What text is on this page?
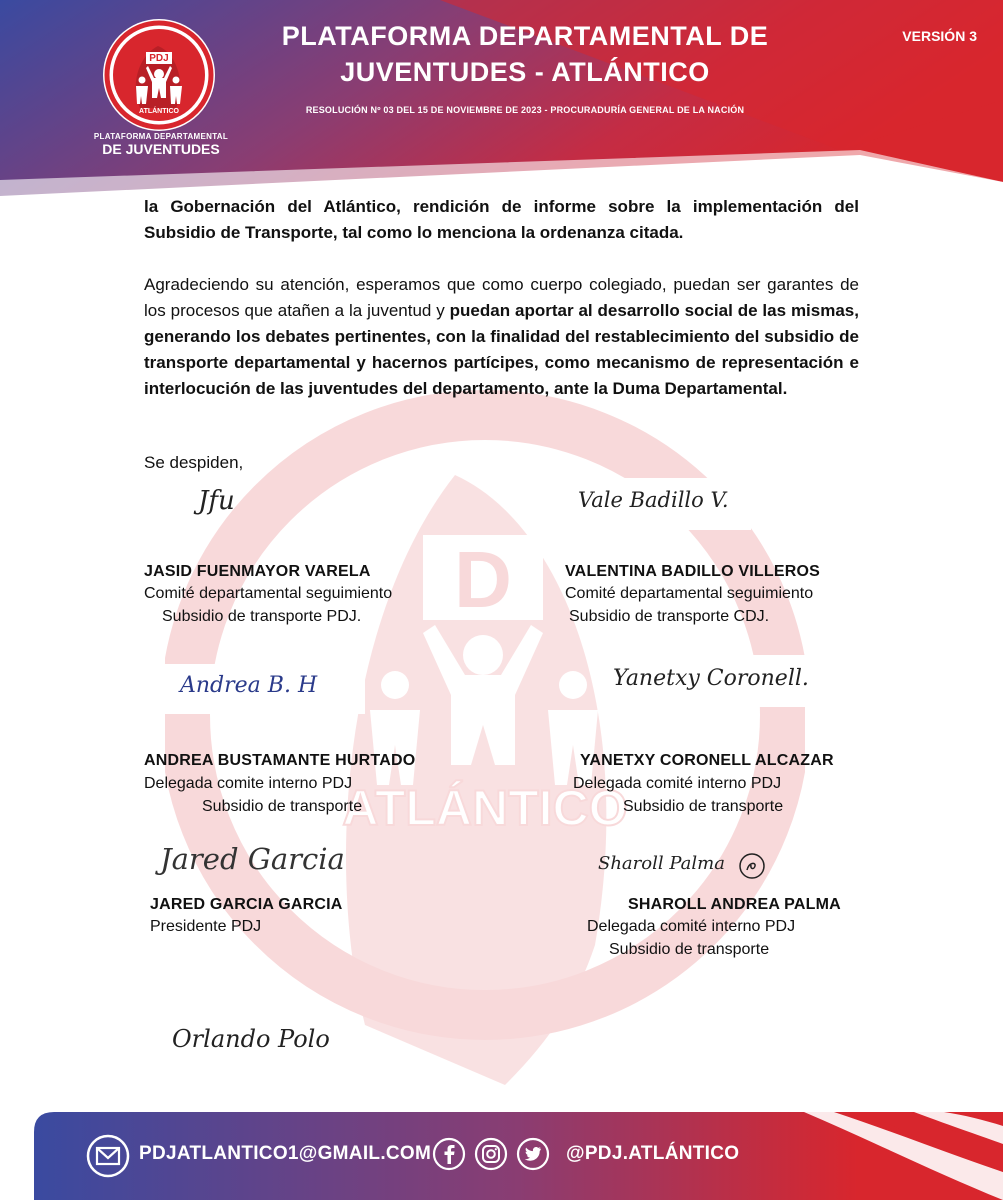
PDJ
ATLÁNTICO
PLATAFORMA DEPARTAMENTAL
DE JUVENTUDES
PLATAFORMA DEPARTAMENTAL DE
JUVENTUDES - ATLÁNTICO
RESOLUCIÓN Nº 03 DEL 15 DE NOVIEMBRE DE 2023 - PROCURADURÍA GENERAL DE LA NACIÓN
VERSIÓN 3
D
ATLÁNTICO
la Gobernación del Atlántico, rendición de informe sobre la implementación del Subsidio de Transporte, tal como lo menciona la ordenanza citada.
Agradeciendo su atención, esperamos que como cuerpo colegiado, puedan ser garantes de los procesos que atañen a la juventud y puedan aportar al desarrollo social de las mismas, generando los debates pertinentes, con la finalidad del restablecimiento del subsidio de transporte departamental y hacernos partícipes, como mecanismo de representación e interlocución de las juventudes del departamento, ante la Duma Departamental.
Se despiden,
Jfu
JASID FUENMAYOR VARELA
Comité departamental seguimiento
Subsidio de transporte PDJ.
Vale Badillo V.
VALENTINA BADILLO VILLEROS
Comité departamental seguimiento
Subsidio de transporte CDJ.
Andrea B. H
ANDREA BUSTAMANTE HURTADO
Delegada comite interno PDJ
Subsidio de transporte
Yanetxy Coronell.
YANETXY CORONELL ALCAZAR
Delegada comité interno PDJ
Subsidio de transporte
Jared Garcia
JARED GARCIA GARCIA
Presidente PDJ
Sharoll Palma
SHAROLL ANDREA PALMA
Delegada comité interno PDJ
Subsidio de transporte
Orlando Polo
PDJATLANTICO1@GMAIL.COM	@PDJ.ATLÁNTICO
